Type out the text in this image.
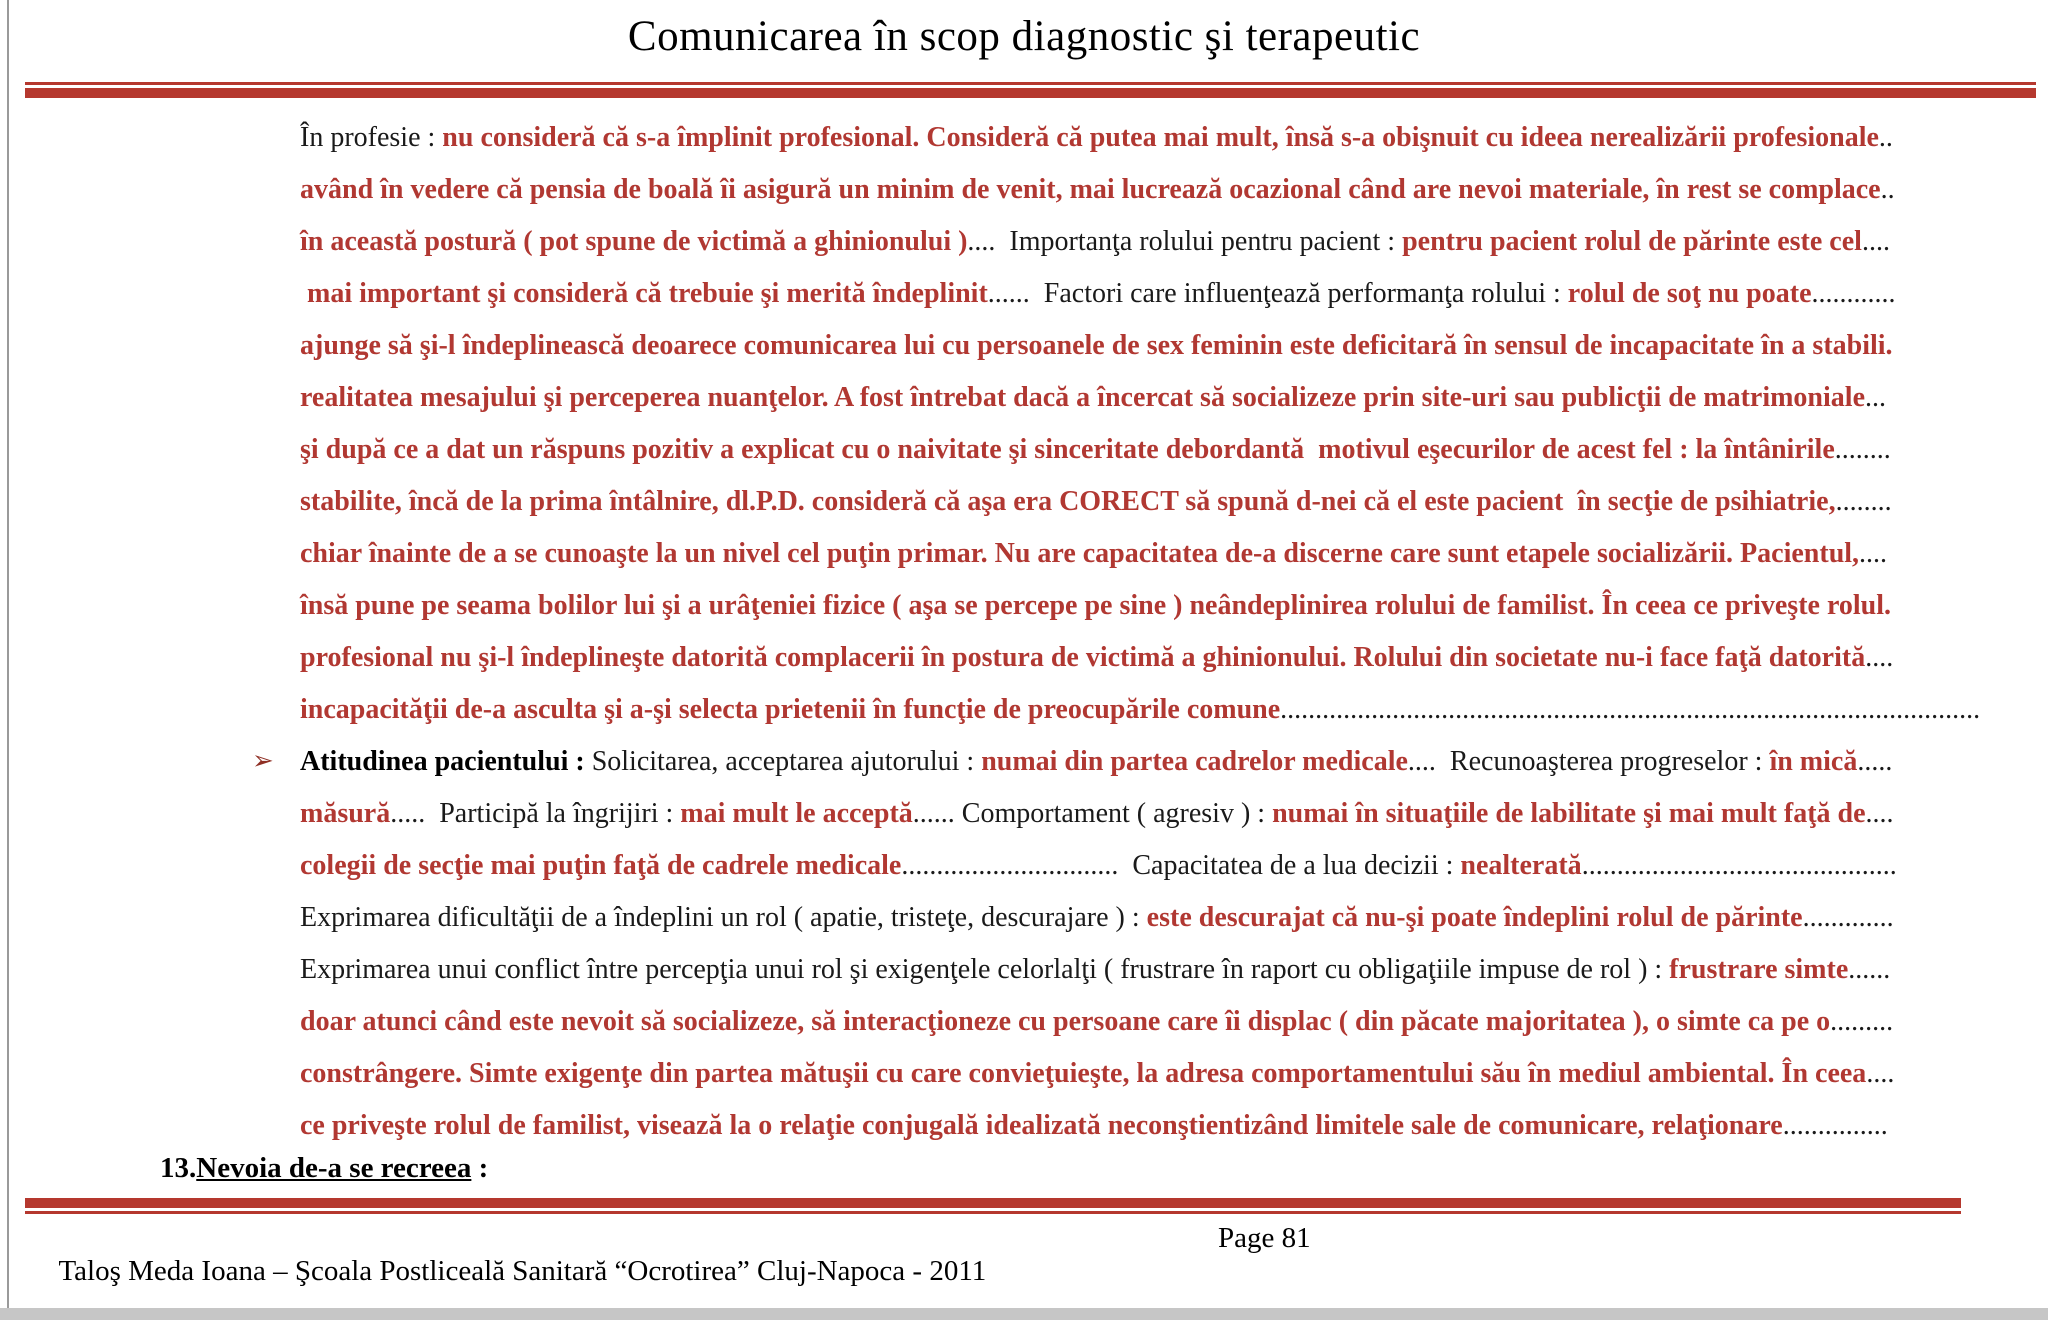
Comunicarea în scop diagnostic şi terapeutic
În profesie : nu consideră că s-a împlinit profesional. Consideră că putea mai mult, însă s-a obişnuit cu ideea nerealizării profesionale..
având în vedere că pensia de boală îi asigură un minim de venit, mai lucrează ocazional când are nevoi materiale, în rest se complace..
în această postură ( pot spune de victimă a ghinionului )....  Importanţa rolului pentru pacient : pentru pacient rolul de părinte este cel....
mai important şi consideră că trebuie şi merită îndeplinit......  Factori care influenţează performanţa rolului : rolul de soţ nu poate............
ajunge să şi-l îndeplinească deoarece comunicarea lui cu persoanele de sex feminin este deficitară în sensul de incapacitate în a stabili.
realitatea mesajului şi perceperea nuanţelor. A fost întrebat dacă a încercat să socializeze prin site-uri sau publicţii de matrimoniale...
şi după ce a dat un răspuns pozitiv a explicat cu o naivitate şi sinceritate debordantă  motivul eşecurilor de acest fel : la întânirile........
stabilite, încă de la prima întâlnire, dl.P.D. consideră că aşa era CORECT să spună d-nei că el este pacient  în secţie de psihiatrie,........
chiar înainte de a se cunoaşte la un nivel cel puţin primar. Nu are capacitatea de-a discerne care sunt etapele socializării. Pacientul,....
însă pune pe seama bolilor lui şi a urâţeniei fizice ( aşa se percepe pe sine ) neândeplinirea rolului de familist. În ceea ce priveşte rolul.
profesional nu şi-l îndeplineşte datorită complacerii în postura de victimă a ghinionului. Rolului din societate nu-i face faţă datorită....
incapacităţii de-a asculta şi a-şi selecta prietenii în funcţie de preocupările comune....................................................................................................
➢ Atitudinea pacientului : Solicitarea, acceptarea ajutorului : numai din partea cadrelor medicale....  Recunoaşterea progreselor : în mică.....
măsură.....  Participă la îngrijiri : mai mult le acceptă...... Comportament ( agresiv ) : numai în situaţiile de labilitate şi mai mult faţă de....
colegii de secţie mai puţin faţă de cadrele medicale...............................  Capacitatea de a lua decizii : nealterată.............................................
Exprimarea dificultăţii de a îndeplini un rol ( apatie, tristeţe, descurajare ) : este descurajat că nu-şi poate îndeplini rolul de părinte.............
Exprimarea unui conflict între percepţia unui rol şi exigenţele celorlalţi ( frustrare în raport cu obligaţiile impuse de rol ) : frustrare simte......
doar atunci când este nevoit să socializeze, să interacţioneze cu persoane care îi displac ( din păcate majoritatea ), o simte ca pe o.........
constrângere. Simte exigenţe din partea mătuşii cu care convieţuieşte, la adresa comportamentului său în mediul ambiental. În ceea....
ce priveşte rolul de familist, visează la o relaţie conjugală idealizată neconştientizând limitele sale de comunicare, relaţionare...............
13.Nevoia de-a se recreea :

Taloş Meda Ioana – Şcoala Postliceală Sanitară “Ocrotirea” Cluj-Napoca - 2011

Page 81
